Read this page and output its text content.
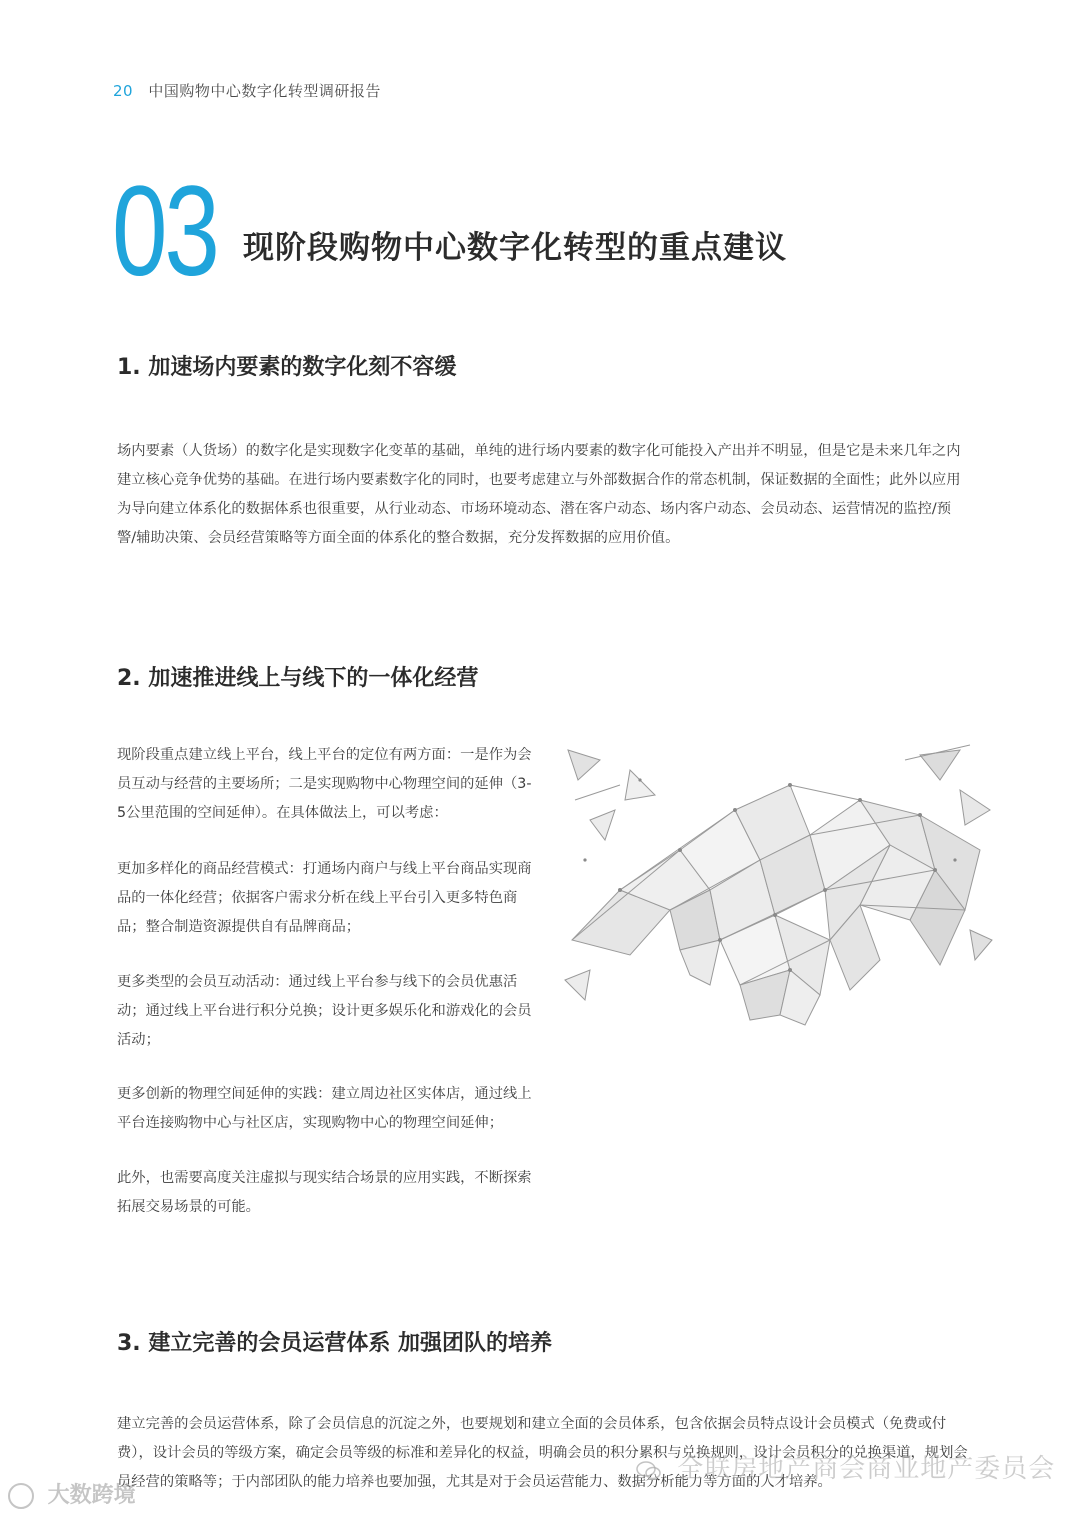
20 中国购物中心数字化转型调研报告
03 现阶段购物中心数字化转型的重点建议
1. 加速场内要素的数字化刻不容缓

场内要素（人货场）的数字化是实现数字化变革的基础，单纯的进行场内要素的数字化可能投入产出并不明显，但是它是未来几年之内建立核心竞争优势的基础。在进行场内要素数字化的同时，也要考虑建立与外部数据合作的常态机制，保证数据的全面性；此外以应用为导向建立体系化的数据体系也很重要，从行业动态、市场环境动态、潜在客户动态、场内客户动态、会员动态、运营情况的监控/预警/辅助决策、会员经营策略等方面全面的体系化的整合数据，充分发挥数据的应用价值。

2. 加速推进线上与线下的一体化经营

现阶段重点建立线上平台，线上平台的定位有两方面：一是作为会员互动与经营的主要场所；二是实现购物中心物理空间的延伸（3-5公里范围的空间延伸）。在具体做法上，可以考虑：

更加多样化的商品经营模式：打通场内商户与线上平台商品实现商品的一体化经营；依据客户需求分析在线上平台引入更多特色商品；整合制造资源提供自有品牌商品；

更多类型的会员互动活动：通过线上平台参与线下的会员优惠活动；通过线上平台进行积分兑换；设计更多娱乐化和游戏化的会员活动；

更多创新的物理空间延伸的实践：建立周边社区实体店，通过线上平台连接购物中心与社区店，实现购物中心的物理空间延伸；

此外，也需要高度关注虚拟与现实结合场景的应用实践，不断探索拓展交易场景的可能。

3. 建立完善的会员运营体系 加强团队的培养

建立完善的会员运营体系，除了会员信息的沉淀之外，也要规划和建立全面的会员体系，包含依据会员特点设计会员模式（免费或付费），设计会员的等级方案，确定会员等级的标准和差异化的权益，明确会员的积分累积与兑换规则，设计会员积分的兑换渠道，规划会员经营的策略等；于内部团队的能力培养也要加强，尤其是对于会员运营能力、数据分析能力等方面的人才培养。

大数跨境
全联房地产商会商业地产委员会
